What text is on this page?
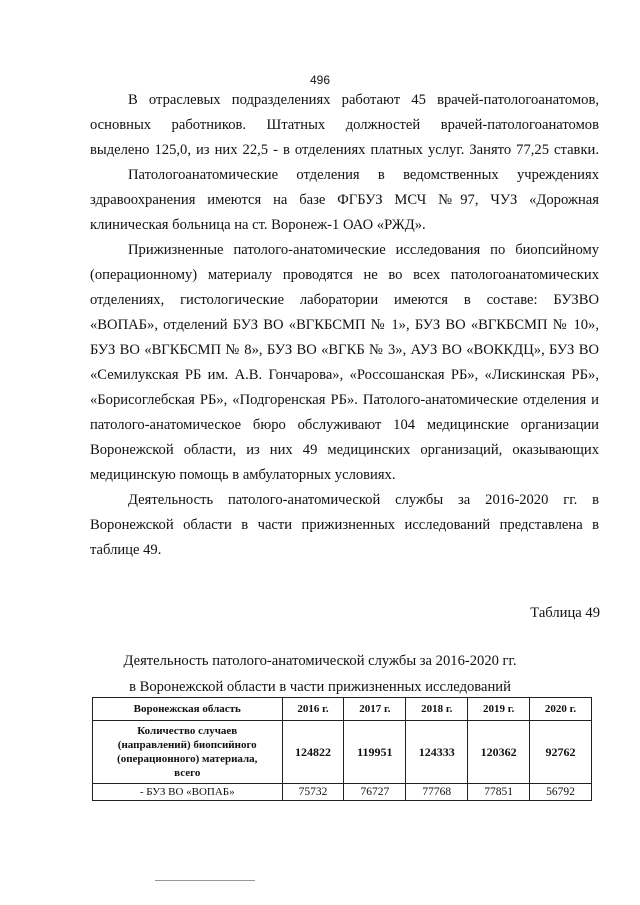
496
В отраслевых подразделениях работают 45 врачей-патологоанатомов,
основных работников. Штатных должностей врачей-патологоанатомов
выделено 125,0, из них 22,5 - в отделениях платных услуг. Занято 77,25 ставки.
Патологоанатомические отделения в ведомственных учреждениях
здравоохранения имеются на базе ФГБУЗ МСЧ №97, ЧУЗ «Дорожная
клиническая больница на ст. Воронеж-1 ОАО «РЖД».
Прижизненные патолого-анатомические исследования по биопсийному
(операционному) материалу проводятся не во всех патологоанатомических
отделениях, гистологические лаборатории имеются в составе: БУЗВО
«ВОПАБ», отделений БУЗ ВО «ВГКБСМП № 1», БУЗ ВО «ВГКБСМП № 10»,
БУЗ ВО «ВГКБСМП № 8», БУЗ ВО «ВГКБ № 3», АУЗ ВО «ВОККДЦ», БУЗ ВО
«Семилукская РБ им. А.В. Гончарова», «Россошанская РБ», «Лискинская РБ»,
«Борисоглебская РБ», «Подгоренская РБ». Патолого-анатомические отделения и
патолого-анатомическое бюро обслуживают 104 медицинские организации
Воронежской области, из них 49 медицинских организаций, оказывающих
медицинскую помощь в амбулаторных условиях.
Деятельность патолого-анатомической службы за 2016-2020 гг. в
Воронежской области в части прижизненных исследований представлена в
таблице 49.
Таблица 49
Деятельность патолого-анатомической службы за 2016-2020 гг.
в Воронежской области в части прижизненных исследований
Воронежская область	2016 г.	2017 г.	2018 г.	2019 г.	2020 г.

Количество случаев
(направлений) биопсийного
(операционного) материала,
всего	124822	119951	124333	120362	92762

- БУЗ ВО «ВОПАБ»	75732	76727	77768	77851	56792
